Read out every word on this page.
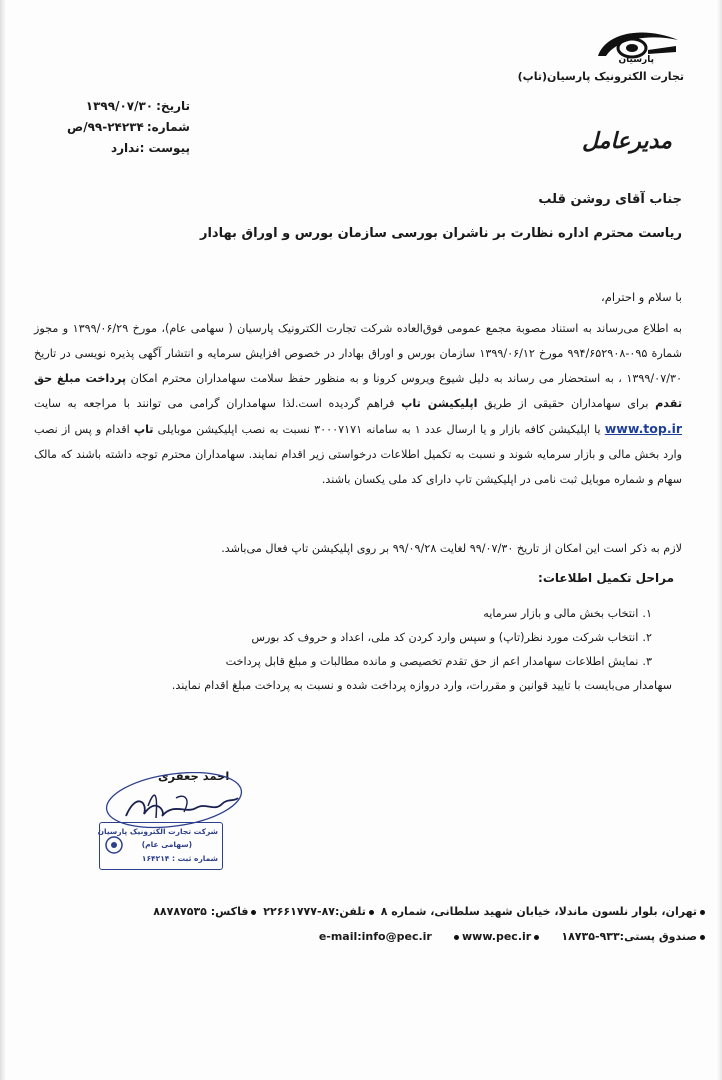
پارسیان
تجارت الکترونیک پارسیان(تاپ)
تاریخ:۱۳۹۹/۰۷/۳۰
شماره:۲۴۲۳۴-۹۹/ص
پیوست :ندارد	مدیرعامل
جناب آقای روشن قلب
ریاست محترم اداره نظارت بر ناشران بورسی سازمان بورس و اوراق بهادار
با سلام و احترام،
به اطلاع می‌رساند به استناد مصوبة مجمع عمومی فوق‌العاده شرکت تجارت الکترونیک پارسیان ( سهامی عام)، مورخ ۱۳۹۹/۰۶/۲۹ و مجوز شمارة ۰۹۵-۹۹۴/۶۵۲۹۰۸ مورخ ۱۳۹۹/۰۶/۱۲ سازمان بورس و اوراق بهادار در خصوص افزایش سرمایه و انتشار آگهی پذیره نویسی در تاریخ ۱۳۹۹/۰۷/۳۰ ، به استحضار می رساند به دلیل شیوع ویروس کرونا و به منظور حفظ سلامت سهامداران محترم امکان پرداخت مبلغ حق تقدم برای سهامداران حقیقی از طریق اپلیکیشن تاپ فراهم گردیده است.لذا سهامداران گرامی می توانند با مراجعه به سایت www.top.ir یا اپلیکیشن کافه بازار و یا ارسال عدد ۱ به سامانه ۳۰۰۰۷۱۷۱ نسبت به نصب اپلیکیشن موبایلی تاپ اقدام و پس از نصب وارد بخش مالی و بازار سرمایه شوند و نسبت به تکمیل اطلاعات درخواستی زیر اقدام نمایند. سهامداران محترم توجه داشته باشند که مالک سهام و شماره موبایل ثبت نامی در اپلیکیشن تاپ دارای کد ملی یکسان باشند.
لازم به ذکر است این امکان از تاریخ ۹۹/۰۷/۳۰ لغایت ۹۹/۰۹/۲۸ بر روی اپلیکیشن تاپ فعال می‌باشد.
مراحل تکمیل اطلاعات:
۱.انتخاب بخش مالی و بازار سرمایه
۲.انتخاب شرکت مورد نظر(تاپ) و سپس وارد کردن کد ملی، اعداد و حروف کد بورس
۳.نمایش اطلاعات سهامدار اعم از حق تقدم تخصیصی و مانده مطالبات و مبلغ قابل پرداخت
سهامدار می‌بایست با تایید قوانین و مقررات، وارد دروازه پرداخت شده و نسبت به پرداخت مبلغ اقدام نمایند.
احمد جعفری
شرکت تجارت الکترونیک پارسیان
(سهامی عام)
شماره ثبت : ۱۶۴۲۱۴
تهران، بلوار نلسون ماندلا، خیابان شهید سلطانی، شماره ۸ تلفن:۸۷-۲۲۶۶۱۷۷۷ فاکس: ۸۸۷۸۷۵۳۵
صندوق پستی:۹۳۳-۱۸۷۳۵     e-mail:info@pec.ir	www.pec.ir
